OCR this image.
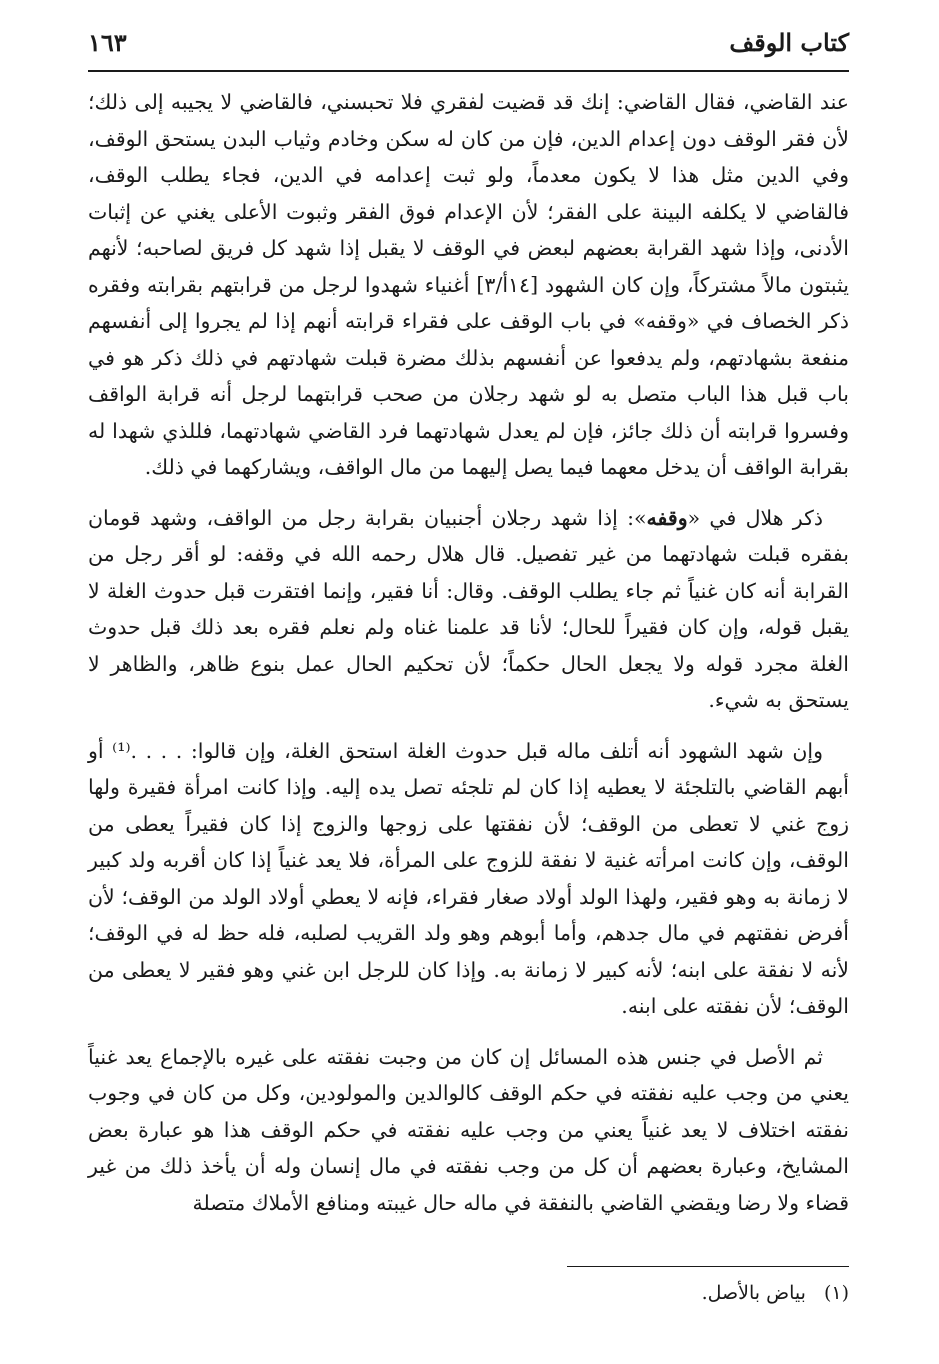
كتاب الوقف
١٦٣

عند القاضي، فقال القاضي: إنك قد قضيت لفقري فلا تحبسني، فالقاضي لا يجيبه إلى ذلك؛ لأن فقر الوقف دون إعدام الدين، فإن من كان له سكن وخادم وثياب البدن يستحق الوقف، وفي الدين مثل هذا لا يكون معدماً، ولو ثبت إعدامه في الدين، فجاء يطلب الوقف، فالقاضي لا يكلفه البينة على الفقر؛ لأن الإعدام فوق الفقر وثبوت الأعلى يغني عن إثبات الأدنى، وإذا شهد القرابة بعضهم لبعض في الوقف لا يقبل إذا شهد كل فريق لصاحبه؛ لأنهم يثبتون مالاً مشتركاً، وإن كان الشهود [١٤أ/٣] أغنياء شهدوا لرجل من قرابتهم بقرابته وفقره ذكر الخصاف في «وقفه» في باب الوقف على فقراء قرابته أنهم إذا لم يجروا إلى أنفسهم منفعة بشهادتهم، ولم يدفعوا عن أنفسهم بذلك مضرة قبلت شهادتهم في ذلك ذكر هو في باب قبل هذا الباب متصل به لو شهد رجلان من صحب قرابتهما لرجل أنه قرابة الواقف وفسروا قرابته أن ذلك جائز، فإن لم يعدل شهادتهما فرد القاضي شهادتهما، فللذي شهدا له بقرابة الواقف أن يدخل معهما فيما يصل إليهما من مال الواقف، ويشاركهما في ذلك.

ذكر هلال في «وقفه»: إذا شهد رجلان أجنبيان بقرابة رجل من الواقف، وشهد قومان بفقره قبلت شهادتهما من غير تفصيل. قال هلال رحمه الله في وقفه: لو أقر رجل من القرابة أنه كان غنياً ثم جاء يطلب الوقف. وقال: أنا فقير، وإنما افتقرت قبل حدوث الغلة لا يقبل قوله، وإن كان فقيراً للحال؛ لأنا قد علمنا غناه ولم نعلم فقره بعد ذلك قبل حدوث الغلة مجرد قوله ولا يجعل الحال حكماً؛ لأن تحكيم الحال عمل بنوع ظاهر، والظاهر لا يستحق به شيء.

وإن شهد الشهود أنه أتلف ماله قبل حدوث الغلة استحق الغلة، وإن قالوا: . . . .⁽¹⁾ أو أبهم القاضي بالتلجئة لا يعطيه إذا كان لم تلجئه تصل يده إليه. وإذا كانت امرأة فقيرة ولها زوج غني لا تعطى من الوقف؛ لأن نفقتها على زوجها والزوج إذا كان فقيراً يعطى من الوقف، وإن كانت امرأته غنية لا نفقة للزوج على المرأة، فلا يعد غنياً إذا كان أقربه ولد كبير لا زمانة به وهو فقير، ولهذا الولد أولاد صغار فقراء، فإنه لا يعطي أولاد الولد من الوقف؛ لأن أفرض نفقتهم في مال جدهم، وأما أبوهم وهو ولد القريب لصلبه، فله حظ له في الوقف؛ لأنه لا نفقة على ابنه؛ لأنه كبير لا زمانة به. وإذا كان للرجل ابن غني وهو فقير لا يعطى من الوقف؛ لأن نفقته على ابنه.

ثم الأصل في جنس هذه المسائل إن كان من وجبت نفقته على غيره بالإجماع يعد غنياً يعني من وجب عليه نفقته في حكم الوقف كالوالدين والمولودين، وكل من كان في وجوب نفقته اختلاف لا يعد غنياً يعني من وجب عليه نفقته في حكم الوقف هذا هو عبارة بعض المشايخ، وعبارة بعضهم أن كل من وجب نفقته في مال إنسان وله أن يأخذ ذلك من غير قضاء ولا رضا ويقضي القاضي بالنفقة في ماله حال غيبته ومنافع الأملاك متصلة

(١) بياض بالأصل.
